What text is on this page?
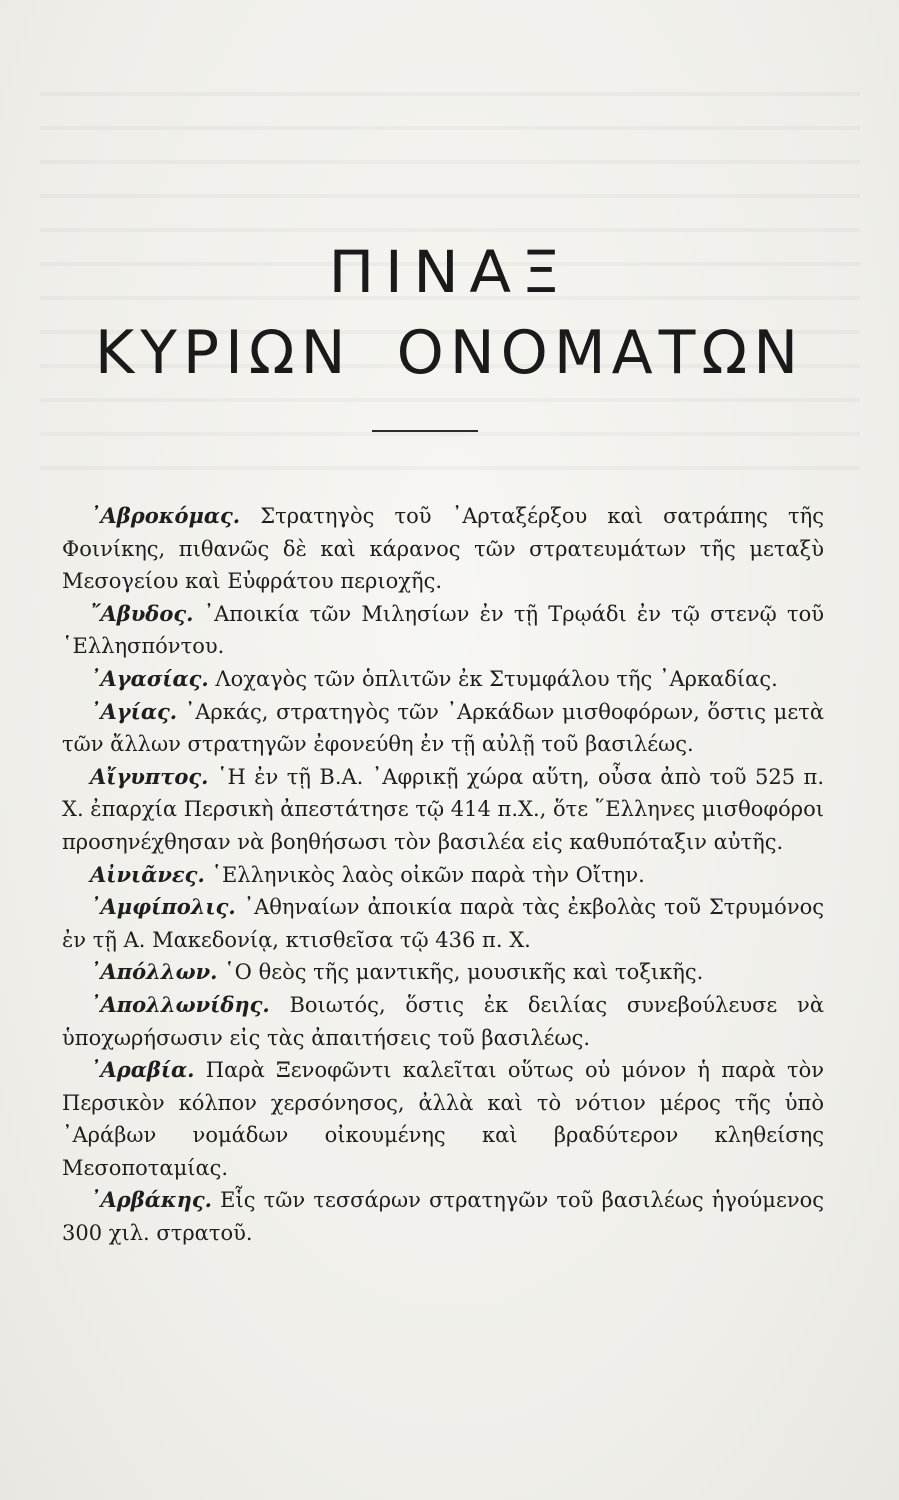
ΠΙΝΑΞ
ΚΥΡΙΩΝ ΟΝΟΜΑΤΩΝ

᾿Αβροκόμας. Στρατηγὸς τοῦ ᾿Αρταξέρξου καὶ σατράπης τῆς Φοινίκης, πιθανῶς δὲ καὶ κάρανος τῶν στρατευμάτων τῆς μεταξὺ Μεσογείου καὶ Εὐφράτου περιοχῆς.

῎Αβυδος. ᾿Αποικία τῶν Μιλησίων ἐν τῇ Τρῳάδι ἐν τῷ στενῷ τοῦ ῾Ελλησπόντου.

᾿Αγασίας. Λοχαγὸς τῶν ὁπλιτῶν ἐκ Στυμφάλου τῆς ᾿Αρκαδίας.

᾿Αγίας. ᾿Αρκάς, στρατηγὸς τῶν ᾿Αρκάδων μισθοφόρων, ὅστις μετὰ τῶν ἄλλων στρατηγῶν ἐφονεύθη ἐν τῇ αὐλῇ τοῦ βασιλέως.

Αἴγυπτος. ῾Η ἐν τῇ Β.Α. ᾿Αφρικῇ χώρα αὕτη, οὖσα ἀπὸ τοῦ 525 π. Χ. ἐπαρχία Περσικὴ ἀπεστάτησε τῷ 414 π.Χ., ὅτε ῞Ελληνες μισθοφόροι προσηνέχθησαν νὰ βοηθήσωσι τὸν βασιλέα εἰς καθυπόταξιν αὐτῆς.

Αἰνιᾶνες. ῾Ελληνικὸς λαὸς οἰκῶν παρὰ τὴν Οἴτην.

᾿Αμφίπολις. ᾿Αθηναίων ἀποικία παρὰ τὰς ἐκβολὰς τοῦ Στρυμόνος ἐν τῇ Α. Μακεδονίᾳ, κτισθεῖσα τῷ 436 π. Χ.

᾿Απόλλων. ῾Ο θεὸς τῆς μαντικῆς, μουσικῆς καὶ τοξικῆς.

᾿Απολλωνίδης. Βοιωτός, ὅστις ἐκ δειλίας συνεβούλευσε νὰ ὑποχωρήσωσιν εἰς τὰς ἀπαιτήσεις τοῦ βασιλέως.

᾿Αραβία. Παρὰ Ξενοφῶντι καλεῖται οὕτως οὐ μόνον ἡ παρὰ τὸν Περσικὸν κόλπον χερσόνησος, ἀλλὰ καὶ τὸ νότιον μέρος τῆς ὑπὸ ᾿Αράβων νομάδων οἰκουμένης καὶ βραδύτερον κληθείσης Μεσοποταμίας.

᾿Αρβάκης. Εἷς τῶν τεσσάρων στρατηγῶν τοῦ βασιλέως ἡγούμενος 300 χιλ. στρατοῦ.
